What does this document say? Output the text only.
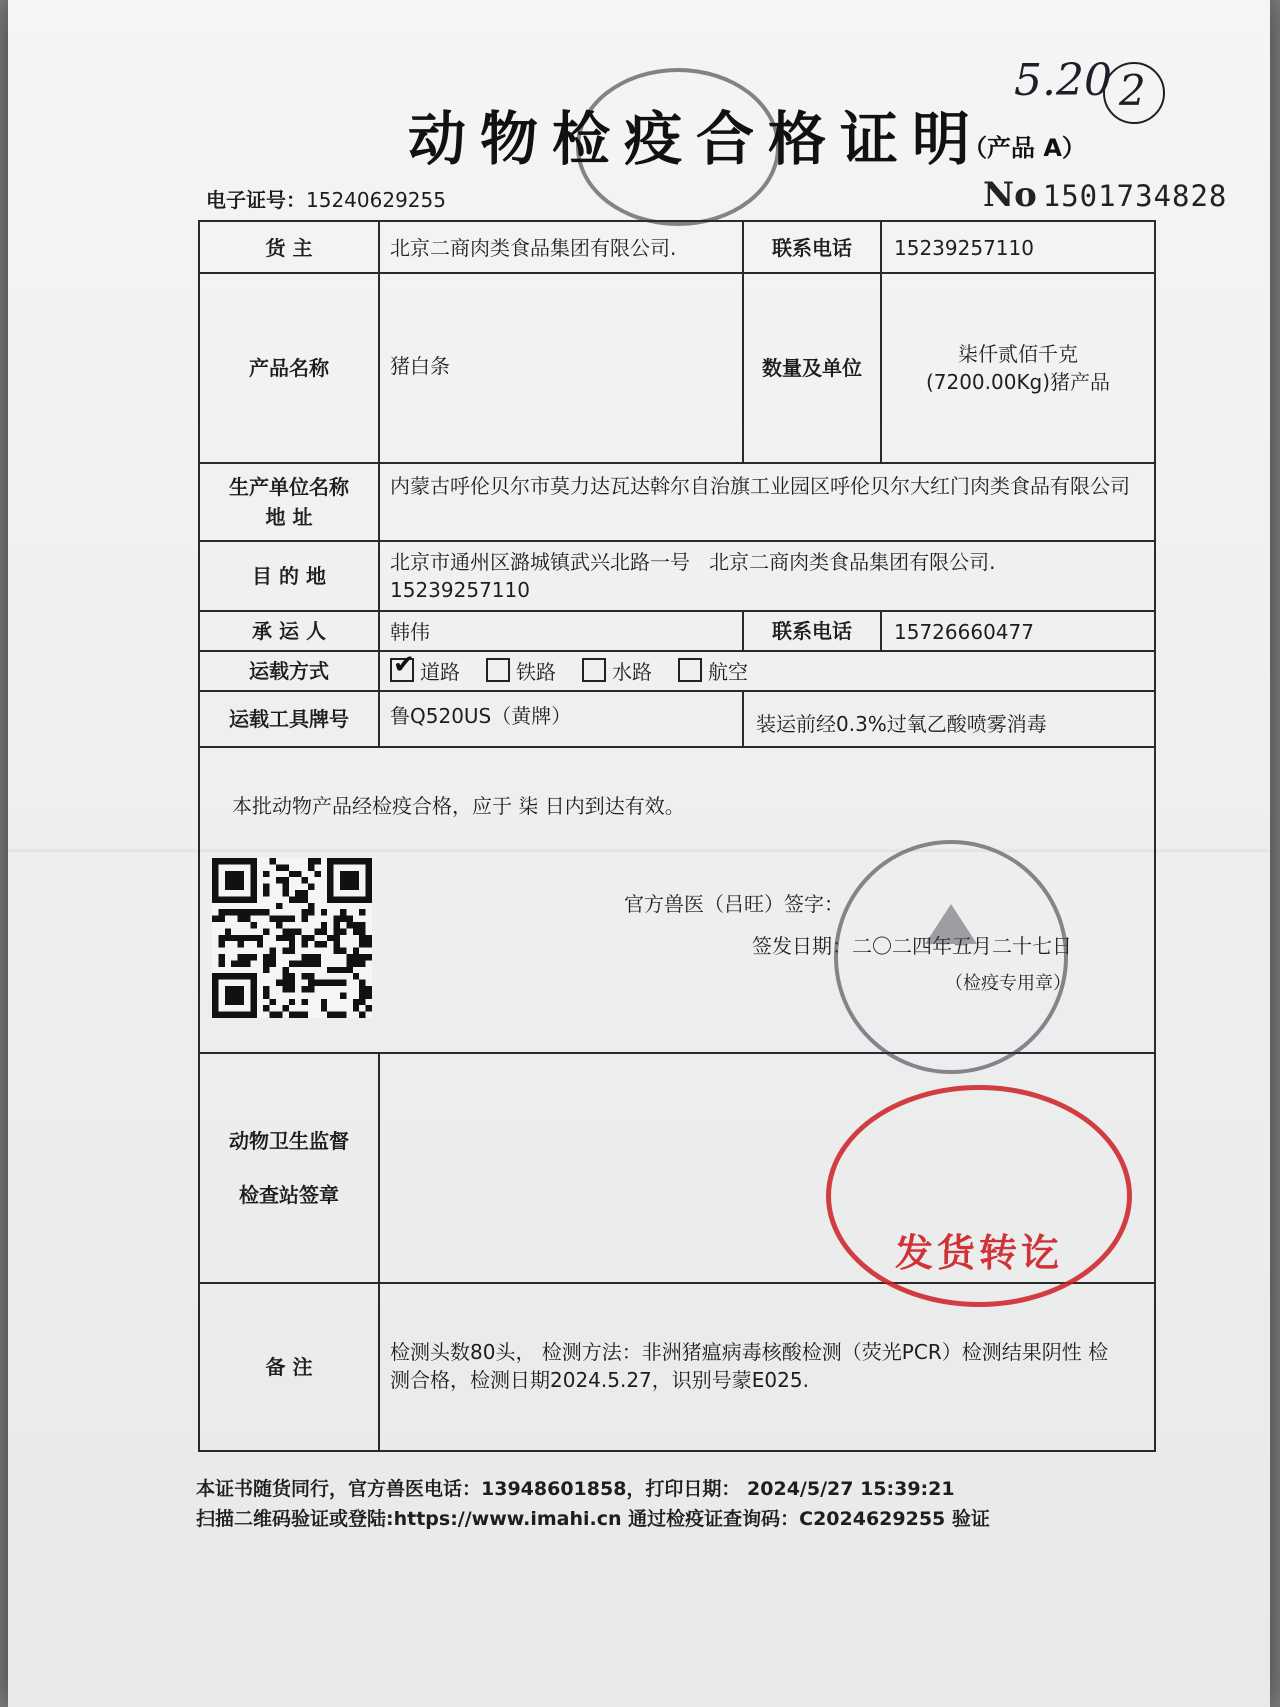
5.20 2
动物检疫合格证明
（产品 A）
电子证号：15240629255	No 1501734828
货 主	北京二商肉类食品集团有限公司.	联系电话	15239257110
产品名称	猪白条	数量及单位
柒仟贰佰千克
(7200.00Kg)猪产品
生产单位名称
地 址
内蒙古呼伦贝尔市莫力达瓦达斡尔自治旗工业园区呼伦贝尔大红门肉类食品有限公司
目 的 地
北京市通州区潞城镇武兴北路一号   北京二商肉类食品集团有限公司.
15239257110
承 运 人	韩伟	联系电话	15726660477
运载方式
✔	道路	铁路	水路	航空
运载工具牌号	鲁Q520US（黄牌）	装运前经0.3%过氧乙酸喷雾消毒
本批动物产品经检疫合格，应于 柒 日内到达有效。
官方兽医（吕旺）签字：
签发日期：二〇二四年五月二十七日
（检疫专用章）
动物卫生监督
检查站签章
备 注
检测头数80头， 检测方法：非洲猪瘟病毒核酸检测（荧光PCR）检测结果阴性 检
测合格，检测日期2024.5.27，识别号蒙E025.
发货转讫
本证书随货同行，官方兽医电话：13948601858，打印日期： 2024/5/27 15:39:21
扫描二维码验证或登陆:https://www.imahi.cn 通过检疫证查询码：C2024629255 验证
